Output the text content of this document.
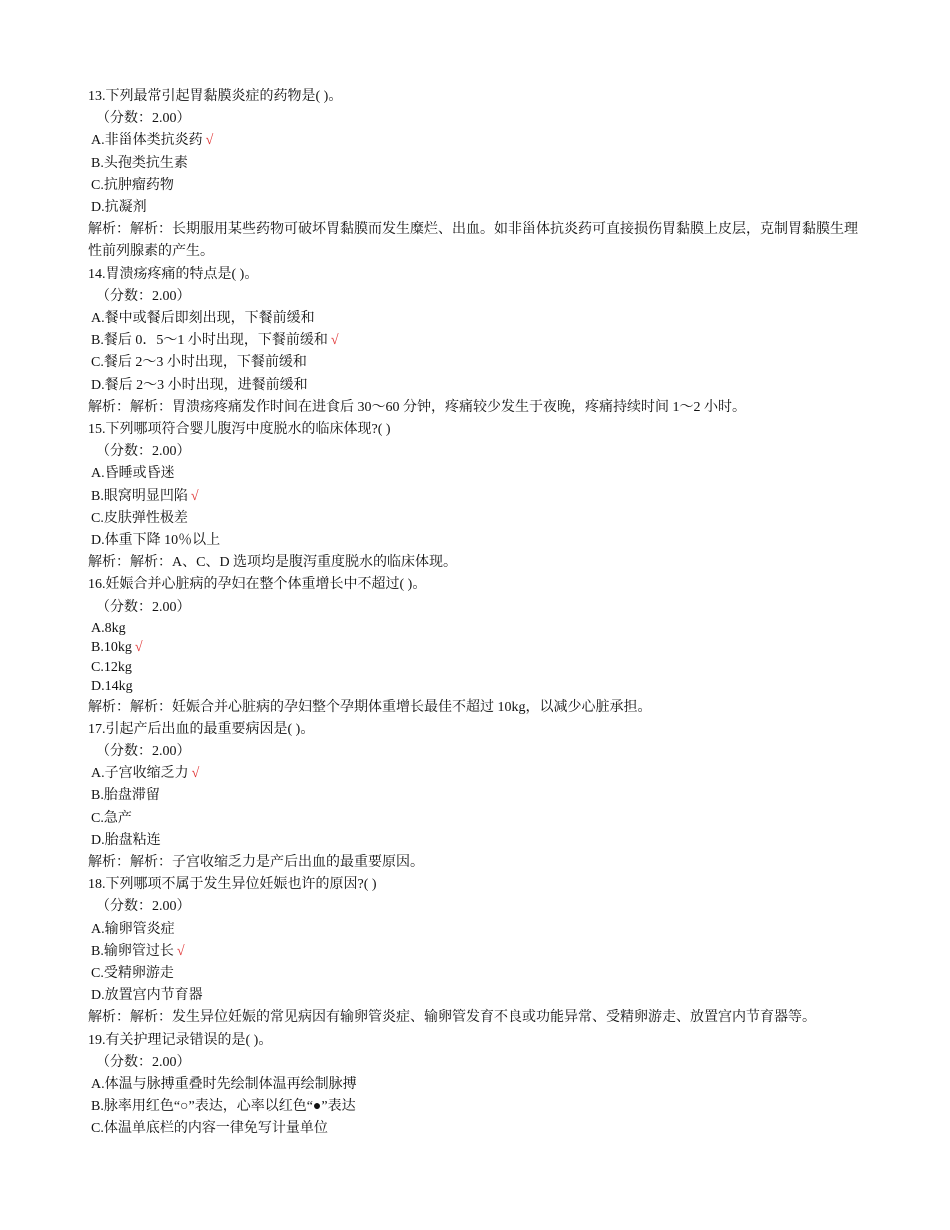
13.下列最常引起胃黏膜炎症的药物是( )。
（分数：2.00）
A.非甾体类抗炎药 √
B.头孢类抗生素
C.抗肿瘤药物
D.抗凝剂
解析：解析：长期服用某些药物可破坏胃黏膜而发生糜烂、出血。如非甾体抗炎药可直接损伤胃黏膜上皮层，克制胃黏膜生理性前列腺素的产生。
14.胃溃疡疼痛的特点是( )。
（分数：2.00）
A.餐中或餐后即刻出现，下餐前缓和
B.餐后 0．5～1 小时出现，下餐前缓和 √
C.餐后 2～3 小时出现，下餐前缓和
D.餐后 2～3 小时出现，进餐前缓和
解析：解析：胃溃疡疼痛发作时间在进食后 30～60 分钟，疼痛较少发生于夜晚，疼痛持续时间 1～2 小时。
15.下列哪项符合婴儿腹泻中度脱水的临床体现?( )
（分数：2.00）
A.昏睡或昏迷
B.眼窝明显凹陷 √
C.皮肤弹性极差
D.体重下降 10％以上
解析：解析：A、C、D 选项均是腹泻重度脱水的临床体现。
16.妊娠合并心脏病的孕妇在整个体重增长中不超过( )。
（分数：2.00）
A.8kg
B.10kg √
C.12kg
D.14kg
解析：解析：妊娠合并心脏病的孕妇整个孕期体重增长最佳不超过 10kg，以减少心脏承担。
17.引起产后出血的最重要病因是( )。
（分数：2.00）
A.子宫收缩乏力 √
B.胎盘滞留
C.急产
D.胎盘粘连
解析：解析：子宫收缩乏力是产后出血的最重要原因。
18.下列哪项不属于发生异位妊娠也许的原因?( )
（分数：2.00）
A.输卵管炎症
B.输卵管过长 √
C.受精卵游走
D.放置宫内节育器
解析：解析：发生异位妊娠的常见病因有输卵管炎症、输卵管发育不良或功能异常、受精卵游走、放置宫内节育器等。
19.有关护理记录错误的是( )。
（分数：2.00）
A.体温与脉搏重叠时先绘制体温再绘制脉搏
B.脉率用红色“○”表达，心率以红色“●”表达
C.体温单底栏的内容一律免写计量单位
